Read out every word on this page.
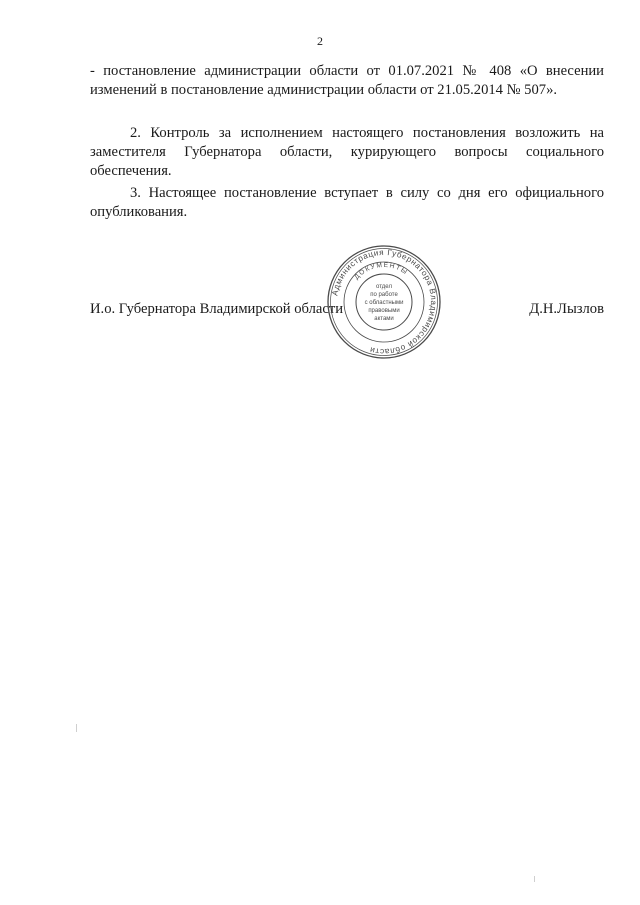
2

- постановление администрации области от 01.07.2021 № 408 «О внесении изменений в постановление администрации области от 21.05.2014 № 507».

2. Контроль за исполнением настоящего постановления возложить на заместителя Губернатора области, курирующего вопросы социального обеспечения.

3. Настоящее постановление вступает в силу со дня его официального опубликования.

И.о. Губернатора Владимирской области	Д.Н.Лызлов
Администрация Губернатора Владимирской области
ДОКУМЕНТЫ
отдел
по работе
с областными
правовыми
актами
